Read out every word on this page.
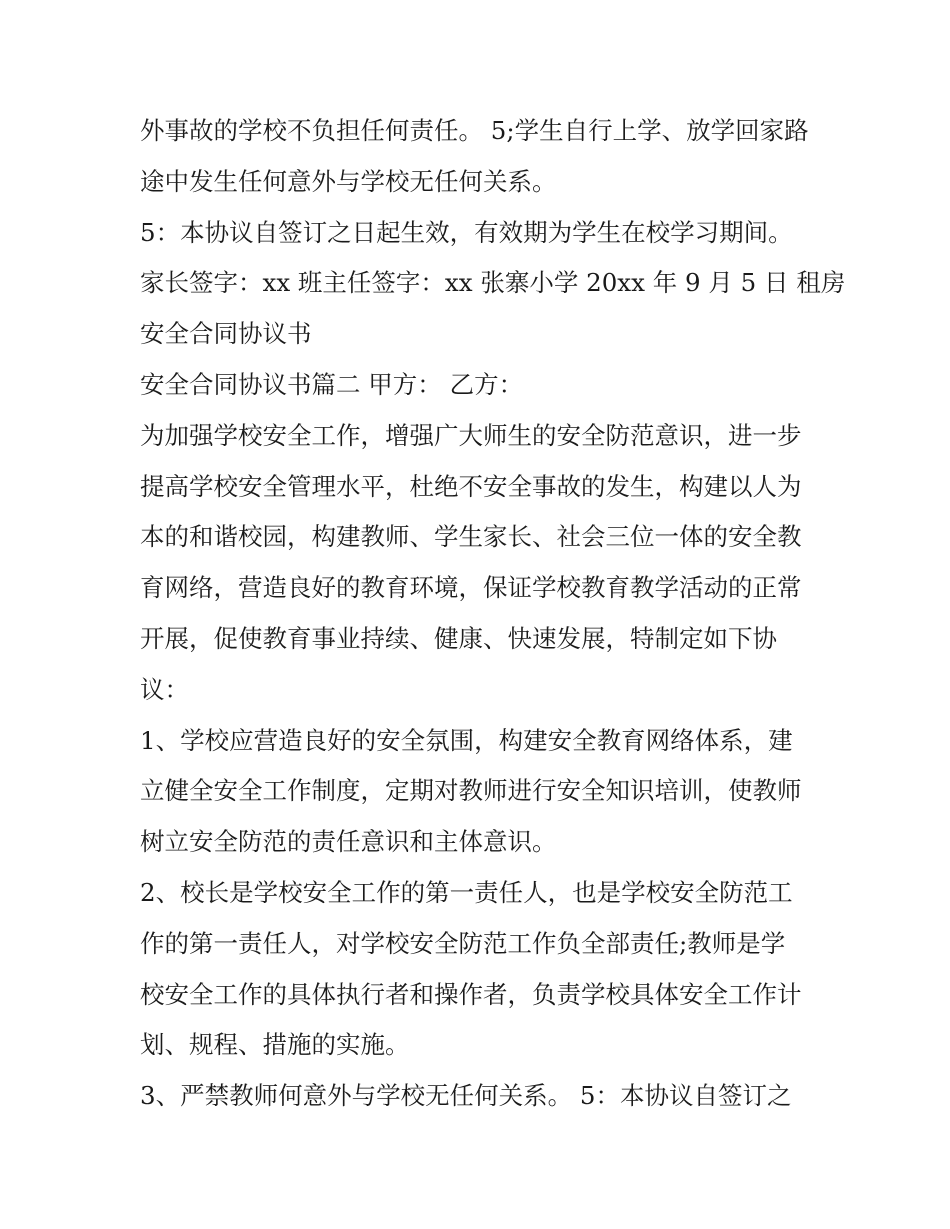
外事故的学校不负担任何责任。 5;学生自行上学、放学回家路
途中发生任何意外与学校无任何关系。
5：本协议自签订之日起生效，有效期为学生在校学习期间。
家长签字：xx 班主任签字：xx 张寨小学 20xx 年 9 月 5 日 租房
安全合同协议书
安全合同协议书篇二 甲方： 乙方：
为加强学校安全工作，增强广大师生的安全防范意识，进一步
提高学校安全管理水平，杜绝不安全事故的发生，构建以人为
本的和谐校园，构建教师、学生家长、社会三位一体的安全教
育网络，营造良好的教育环境，保证学校教育教学活动的正常
开展，促使教育事业持续、健康、快速发展，特制定如下协
议：
1、学校应营造良好的安全氛围，构建安全教育网络体系，建
立健全安全工作制度，定期对教师进行安全知识培训，使教师
树立安全防范的责任意识和主体意识。
2、校长是学校安全工作的第一责任人，也是学校安全防范工
作的第一责任人，对学校安全防范工作负全部责任;教师是学
校安全工作的具体执行者和操作者，负责学校具体安全工作计
划、规程、措施的实施。
3、严禁教师何意外与学校无任何关系。 5：本协议自签订之
